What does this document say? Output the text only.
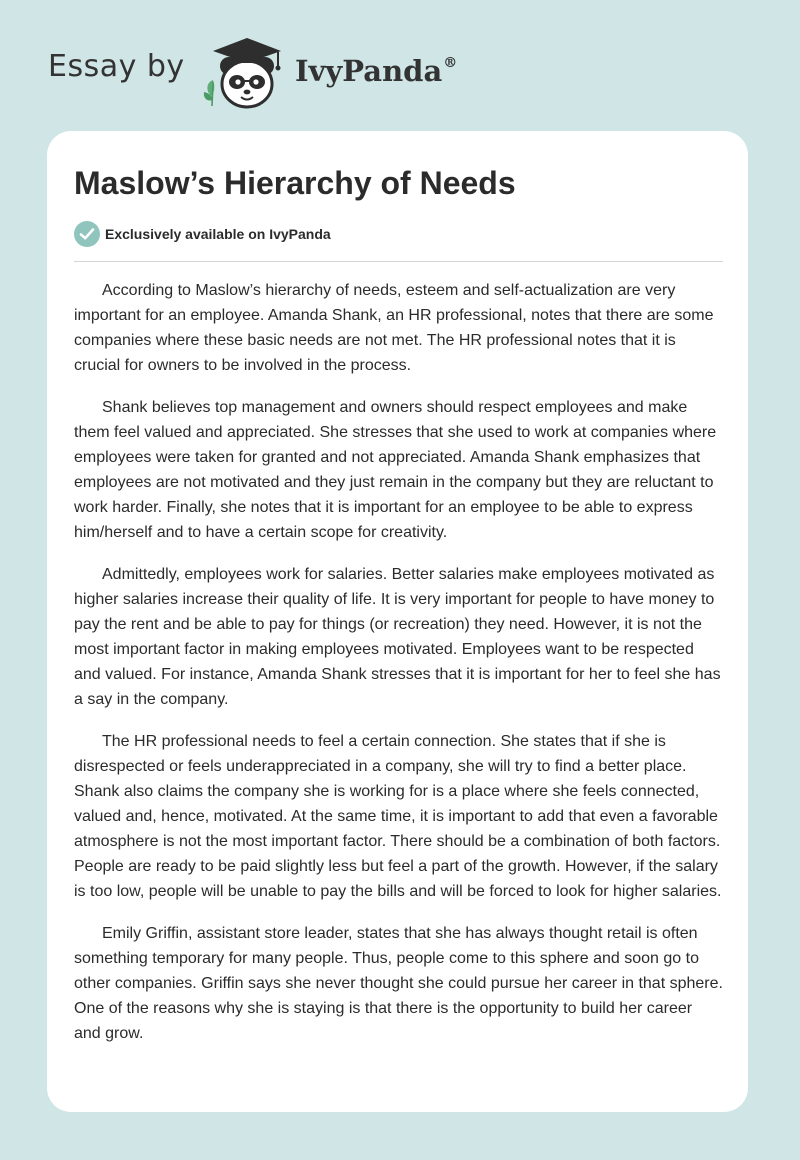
Essay by	IvyPanda®
Maslow’s Hierarchy of Needs
Exclusively available on IvyPanda

According to Maslow’s hierarchy of needs, esteem and self-actualization are very important for an employee. Amanda Shank, an HR professional, notes that there are some companies where these basic needs are not met. The HR professional notes that it is crucial for owners to be involved in the process.

Shank believes top management and owners should respect employees and make them feel valued and appreciated. She stresses that she used to work at companies where employees were taken for granted and not appreciated. Amanda Shank emphasizes that employees are not motivated and they just remain in the company but they are reluctant to work harder. Finally, she notes that it is important for an employee to be able to express him/herself and to have a certain scope for creativity.

Admittedly, employees work for salaries. Better salaries make employees motivated as higher salaries increase their quality of life. It is very important for people to have money to pay the rent and be able to pay for things (or recreation) they need. However, it is not the most important factor in making employees motivated. Employees want to be respected and valued. For instance, Amanda Shank stresses that it is important for her to feel she has a say in the company.

The HR professional needs to feel a certain connection. She states that if she is disrespected or feels underappreciated in a company, she will try to find a better place. Shank also claims the company she is working for is a place where she feels connected, valued and, hence, motivated. At the same time, it is important to add that even a favorable atmosphere is not the most important factor. There should be a combination of both factors. People are ready to be paid slightly less but feel a part of the growth. However, if the salary is too low, people will be unable to pay the bills and will be forced to look for higher salaries.

Emily Griffin, assistant store leader, states that she has always thought retail is often something temporary for many people. Thus, people come to this sphere and soon go to other companies. Griffin says she never thought she could pursue her career in that sphere. One of the reasons why she is staying is that there is the opportunity to build her career and grow.
